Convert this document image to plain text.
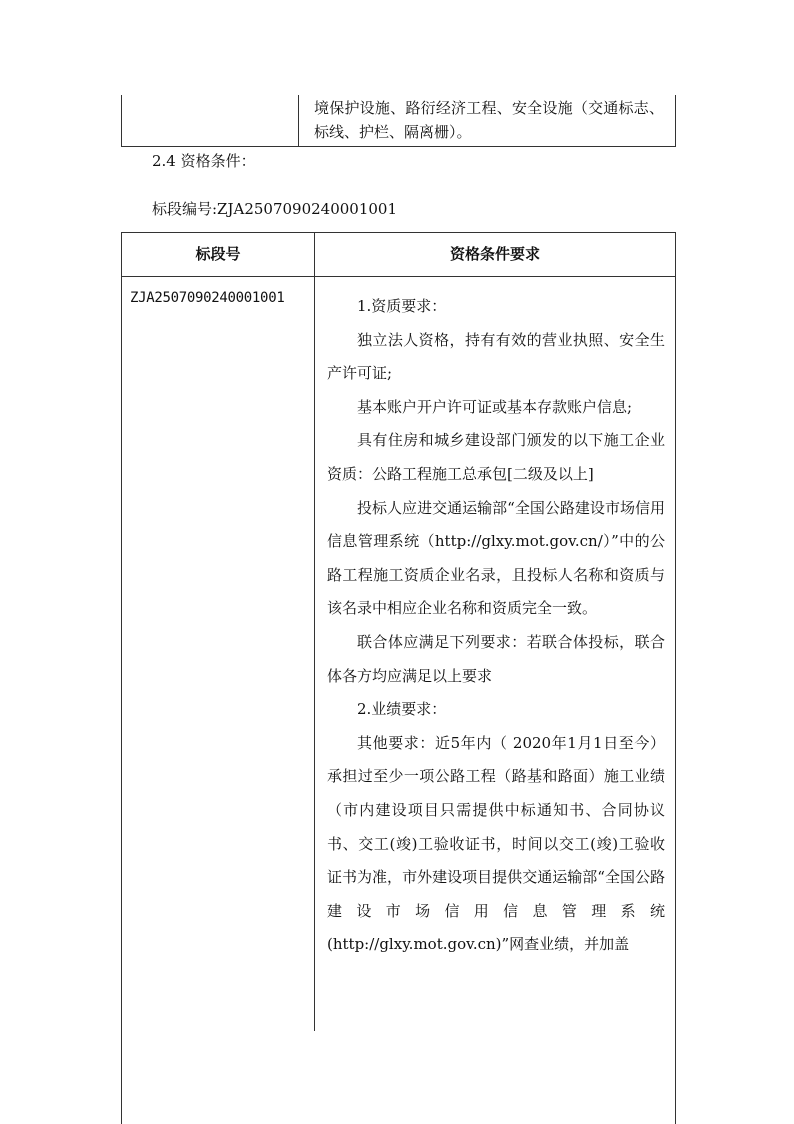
境保护设施、路衍经济工程、安全设施（交通标志、标线、护栏、隔离栅）。
2.4 资格条件：
标段编号:ZJA2507090240001001
标段号	资格条件要求
ZJA2507090240001001	1.资质要求：

独立法人资格，持有有效的营业执照、安全生产许可证;

基本账户开户许可证或基本存款账户信息;

具有住房和城乡建设部门颁发的以下施工企业资质：公路工程施工总承包[二级及以上]

投标人应进交通运输部“全国公路建设市场信用信息管理系统（http://glxy.mot.gov.cn/）”中的公路工程施工资质企业名录，且投标人名称和资质与该名录中相应企业名称和资质完全一致。

联合体应满足下列要求：若联合体投标，联合体各方均应满足以上要求

2.业绩要求：

其他要求：近5年内（ 2020年1月1日至今）承担过至少一项公路工程（路基和路面）施工业绩（市内建设项目只需提供中标通知书、合同协议书、交工(竣)工验收证书，时间以交工(竣)工验收证书为准，市外建设项目提供交通运输部“全国公路建设市场信用信息管理系统(http://glxy.mot.gov.cn)”网查业绩，并加盖
